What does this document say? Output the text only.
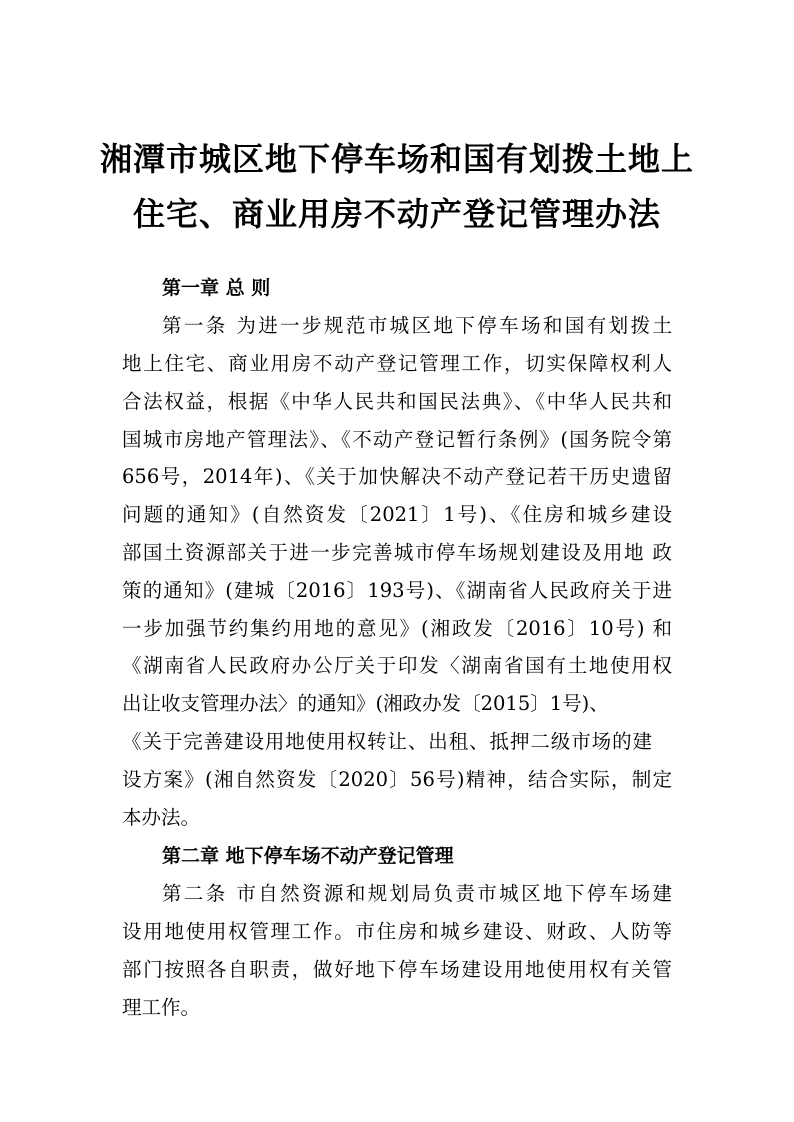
湘潭市城区地下停车场和国有划拨土地上
住宅、商业用房不动产登记管理办法
第一章 总 则
第一条 为进一步规范市城区地下停车场和国有划拨土
地上住宅、商业用房不动产登记管理工作，切实保障权利人
合法权益，根据《中华人民共和国民法典》、《中华人民共和
国城市房地产管理法》、《不动产登记暂行条例》(国务院令第
656号，2014年)、《关于加快解决不动产登记若干历史遗留
问题的通知》(自然资发〔2021〕1号)、《住房和城乡建设
部国土资源部关于进一步完善城市停车场规划建设及用地 政
策的通知》(建城〔2016〕193号)、《湖南省人民政府关于进
一步加强节约集约用地的意见》(湘政发〔2016〕10号) 和
《湖南省人民政府办公厅关于印发〈湖南省国有土地使用权
出让收支管理办法〉的通知》(湘政办发〔2015〕1号)、
《关于完善建设用地使用权转让、出租、抵押二级市场的建
设方案》(湘自然资发〔2020〕56号)精神，结合实际，制定
本办法。
第二章 地下停车场不动产登记管理
第二条 市自然资源和规划局负责市城区地下停车场建
设用地使用权管理工作。市住房和城乡建设、财政、人防等
部门按照各自职责，做好地下停车场建设用地使用权有关管
理工作。
